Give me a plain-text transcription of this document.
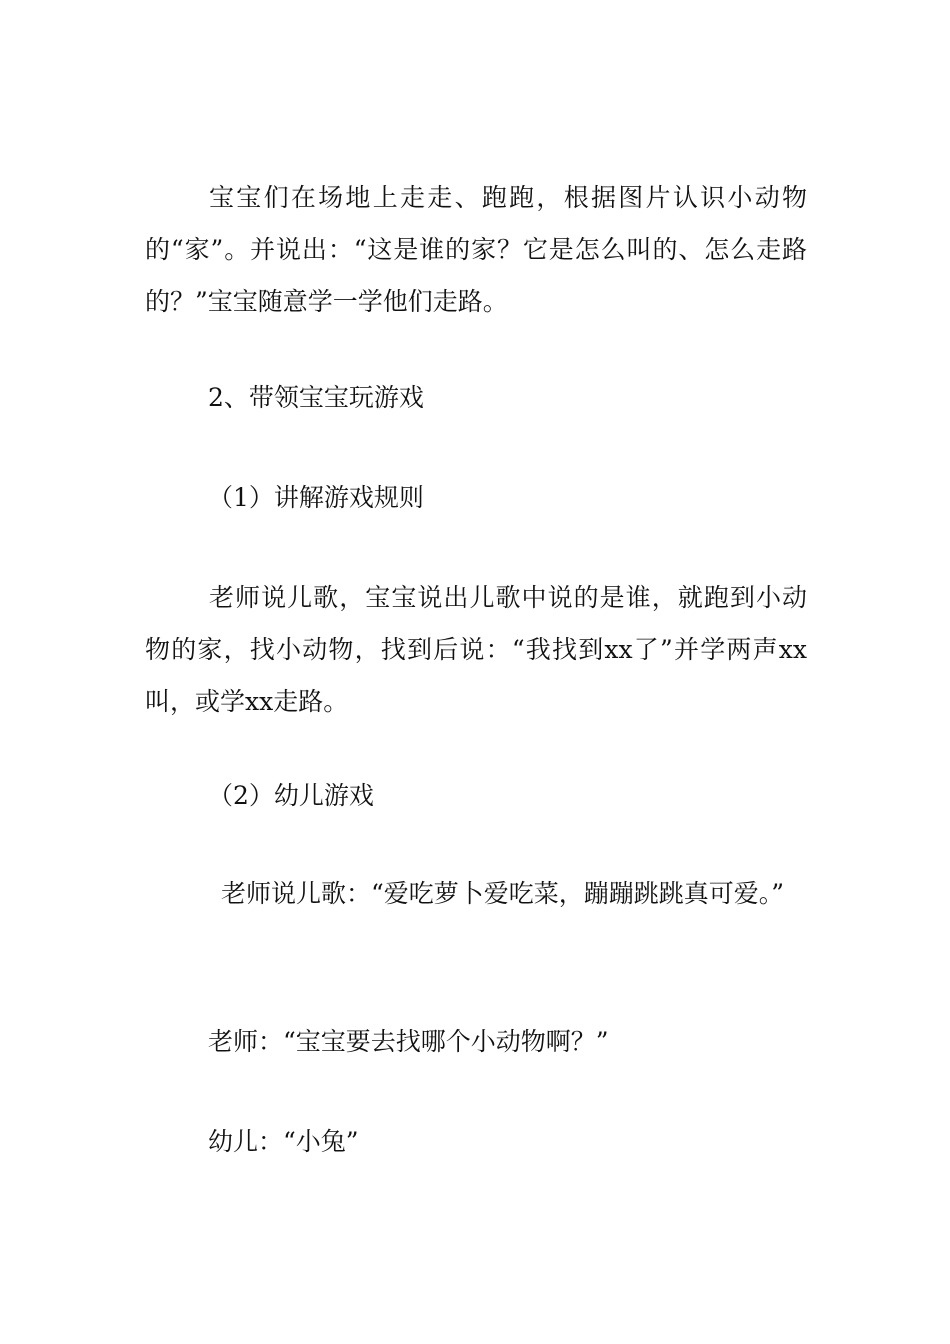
宝宝们在场地上走走、跑跑，根据图片认识小动物的“家”。并说出：“这是谁的家？它是怎么叫的、怎么走路的？”宝宝随意学一学他们走路。

2、带领宝宝玩游戏

（1）讲解游戏规则

老师说儿歌，宝宝说出儿歌中说的是谁，就跑到小动物的家，找小动物，找到后说：“我找到xx了”并学两声xx叫，或学xx走路。

（2）幼儿游戏

老师说儿歌：“爱吃萝卜爱吃菜，蹦蹦跳跳真可爱。”

老师：“宝宝要去找哪个小动物啊？”

幼儿：“小兔”
